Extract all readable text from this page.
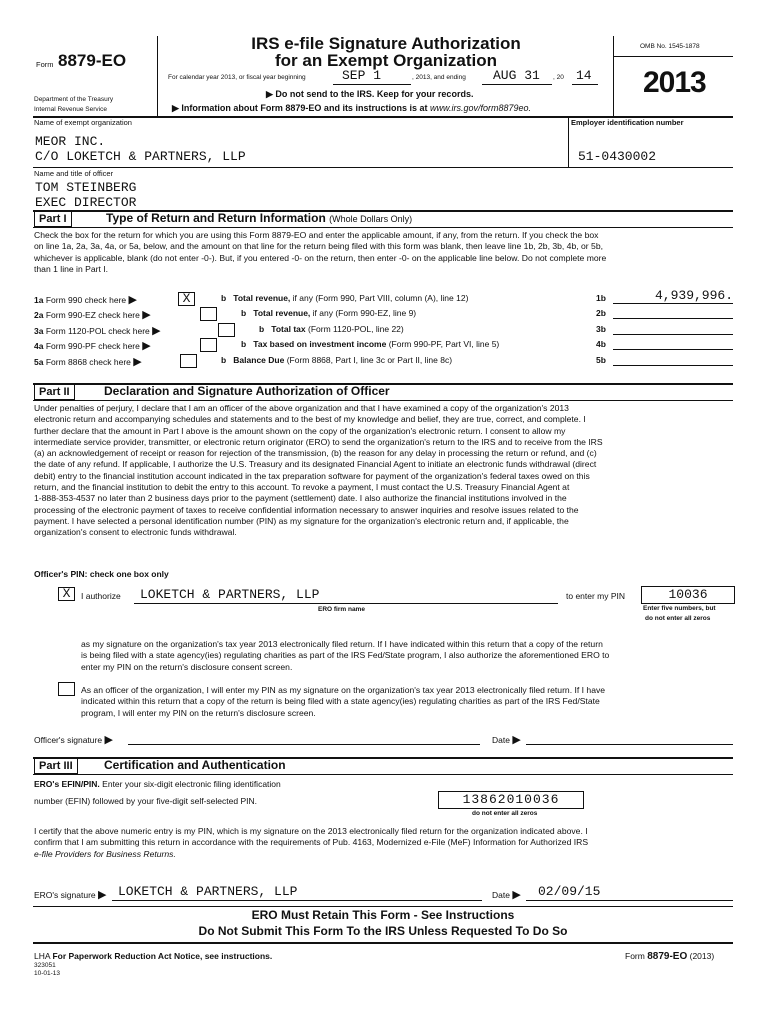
Form 8879-EO
Department of the Treasury
Internal Revenue Service
IRS e-file Signature Authorization
for an Exempt Organization
For calendar year 2013, or fiscal year beginning	SEP 1	, 2013, and ending AUG 31 , 20 14
▶ Do not send to the IRS. Keep for your records.
▶ Information about Form 8879-EO and its instructions is at www.irs.gov/form8879eo.
OMB No. 1545-1878
2013
Name of exempt organization	Employer identification number
MEOR INC.
C/O LOKETCH & PARTNERS, LLP	51-0430002
Name and title of officer
TOM STEINBERG
EXEC DIRECTOR
Part I	Type of Return and Return Information (Whole Dollars Only)
Check the box for the return for which you are using this Form 8879-EO and enter the applicable amount, if any, from the return. If you check the box
on line 1a, 2a, 3a, 4a, or 5a, below, and the amount on that line for the return being filed with this form was blank, then leave line 1b, 2b, 3b, 4b, or 5b,
whichever is applicable, blank (do not enter -0-). But, if you entered -0- on the return, then enter -0- on the applicable line below. Do not complete more
than 1 line in Part I.
1a Form 990 check here ▶	X	b Total revenue, if any (Form 990, Part VIII, column (A), line 12)	1b	4,939,996.
2a Form 990-EZ check here ▶	b Total revenue, if any (Form 990-EZ, line 9)	2b
3a Form 1120-POL check here ▶	b Total tax (Form 1120-POL, line 22)	3b
4a Form 990-PF check here ▶	b Tax based on investment income (Form 990-PF, Part VI, line 5)	4b
5a Form 8868 check here ▶	b Balance Due (Form 8868, Part I, line 3c or Part II, line 8c)	5b
Part II	Declaration and Signature Authorization of Officer
Under penalties of perjury, I declare that I am an officer of the above organization and that I have examined a copy of the organization's 2013
electronic return and accompanying schedules and statements and to the best of my knowledge and belief, they are true, correct, and complete. I
further declare that the amount in Part I above is the amount shown on the copy of the organization's electronic return. I consent to allow my
intermediate service provider, transmitter, or electronic return originator (ERO) to send the organization's return to the IRS and to receive from the IRS
(a) an acknowledgement of receipt or reason for rejection of the transmission, (b) the reason for any delay in processing the return or refund, and (c)
the date of any refund. If applicable, I authorize the U.S. Treasury and its designated Financial Agent to initiate an electronic funds withdrawal (direct
debit) entry to the financial institution account indicated in the tax preparation software for payment of the organization's federal taxes owed on this
return, and the financial institution to debit the entry to this account. To revoke a payment, I must contact the U.S. Treasury Financial Agent at
1-888-353-4537 no later than 2 business days prior to the payment (settlement) date. I also authorize the financial institutions involved in the
processing of the electronic payment of taxes to receive confidential information necessary to answer inquiries and resolve issues related to the
payment. I have selected a personal identification number (PIN) as my signature for the organization's electronic return and, if applicable, the
organization's consent to electronic funds withdrawal.
Officer's PIN: check one box only
X	I authorize LOKETCH & PARTNERS, LLP
ERO firm name
to enter my PIN	10036
Enter five numbers, but
do not enter all zeros
as my signature on the organization's tax year 2013 electronically filed return. If I have indicated within this return that a copy of the return
is being filed with a state agency(ies) regulating charities as part of the IRS Fed/State program, I also authorize the aforementioned ERO to
enter my PIN on the return's disclosure consent screen.
As an officer of the organization, I will enter my PIN as my signature on the organization's tax year 2013 electronically filed return. If I have
indicated within this return that a copy of the return is being filed with a state agency(ies) regulating charities as part of the IRS Fed/State
program, I will enter my PIN on the return's disclosure screen.
Officer's signature ▶	Date ▶
Part III	Certification and Authentication
ERO's EFIN/PIN. Enter your six-digit electronic filing identification
number (EFIN) followed by your five-digit self-selected PIN.	13862010036
do not enter all zeros
I certify that the above numeric entry is my PIN, which is my signature on the 2013 electronically filed return for the organization indicated above. I
confirm that I am submitting this return in accordance with the requirements of Pub. 4163, Modernized e-File (MeF) Information for Authorized IRS
e-file Providers for Business Returns.
ERO's signature ▶ LOKETCH & PARTNERS, LLP	Date ▶ 02/09/15
ERO Must Retain This Form - See Instructions
Do Not Submit This Form To the IRS Unless Requested To Do So
LHA For Paperwork Reduction Act Notice, see instructions.
323051
10-01-13
Form 8879-EO (2013)
